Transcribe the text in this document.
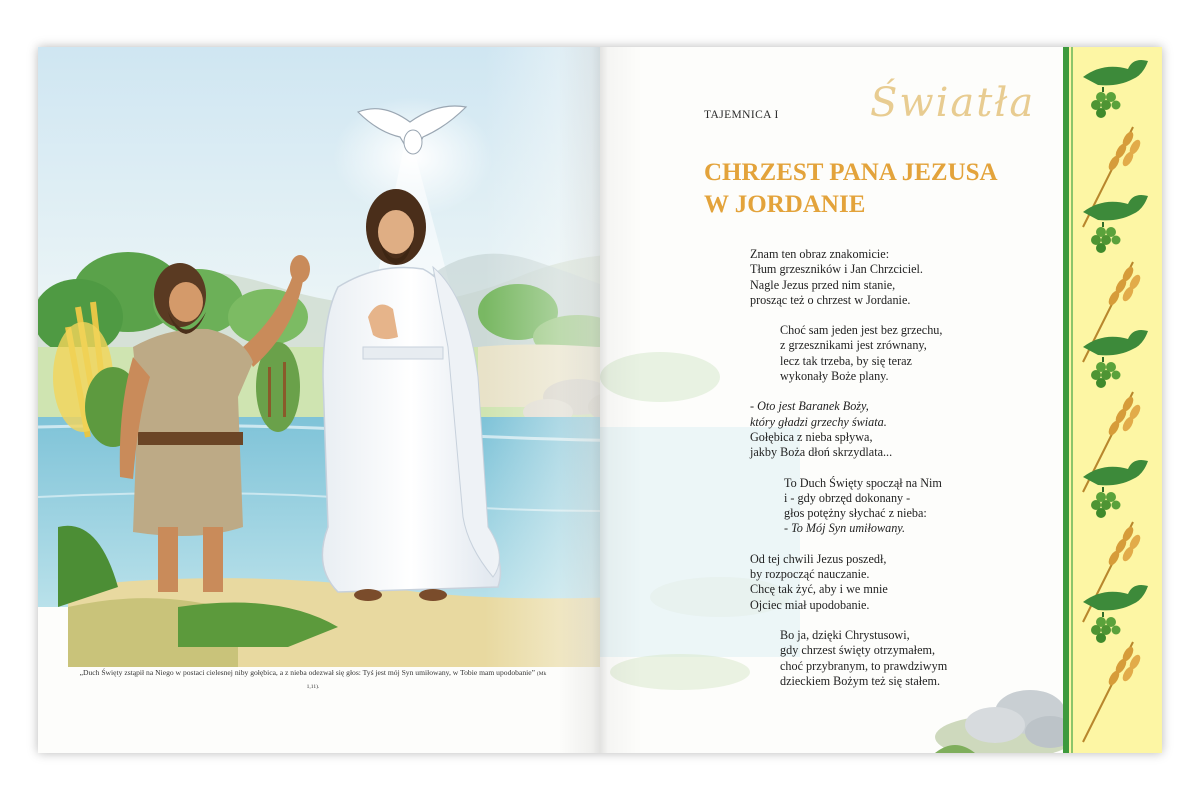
„Duch Święty zstąpił na Niego w postaci cielesnej niby gołębica, a z nieba odezwał się głos: Tyś jest mój Syn umiłowany, w Tobie mam upodobanie” (Mk 1,11).
TAJEMNICA I Światła
CHRZEST PANA JEZUSA
W JORDANIE
Znam ten obraz znakomicie:
Tłum grzeszników i Jan Chrzciciel.
Nagle Jezus przed nim stanie,
prosząc też o chrzest w Jordanie.
Choć sam jeden jest bez grzechu,
z grzesznikami jest zrównany,
lecz tak trzeba, by się teraz
wykonały Boże plany.
- Oto jest Baranek Boży,
który gładzi grzechy świata.
Gołębica z nieba spływa,
jakby Boża dłoń skrzydlata...
To Duch Święty spoczął na Nim
i - gdy obrzęd dokonany -
głos potężny słychać z nieba:
- To Mój Syn umiłowany.
Od tej chwili Jezus poszedł,
by rozpocząć nauczanie.
Chcę tak żyć, aby i we mnie
Ojciec miał upodobanie.
Bo ja, dzięki Chrystusowi,
gdy chrzest święty otrzymałem,
choć przybranym, to prawdziwym
dzieckiem Bożym też się stałem.
